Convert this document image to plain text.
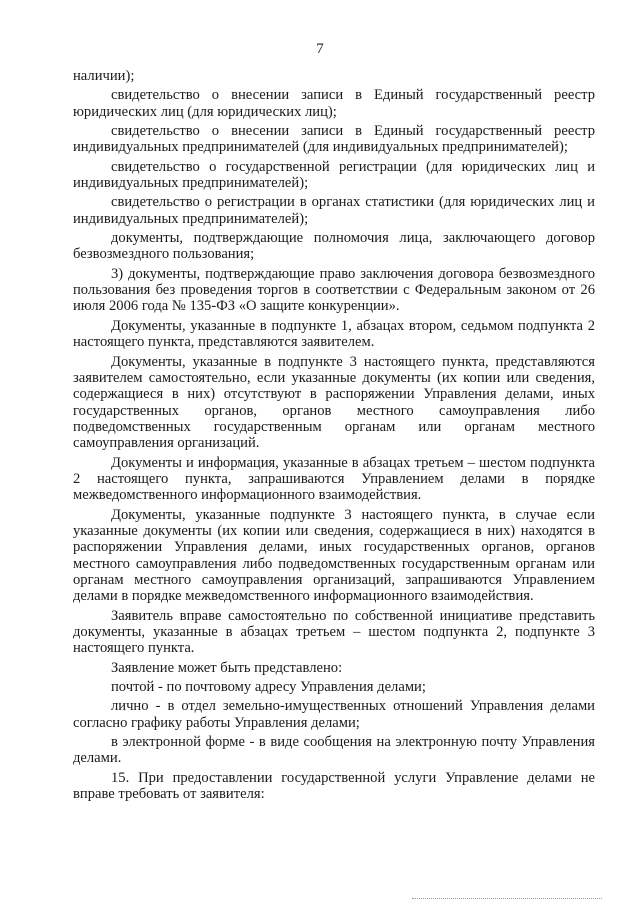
7

наличии);

свидетельство о внесении записи в Единый государственный реестр юридических лиц (для юридических лиц);

свидетельство о внесении записи в Единый государственный реестр индивидуальных предпринимателей (для индивидуальных предпринимателей);

свидетельство о государственной регистрации (для юридических лиц и индивидуальных предпринимателей);

свидетельство о регистрации в органах статистики (для юридических лиц и индивидуальных предпринимателей);

документы, подтверждающие полномочия лица, заключающего договор безвозмездного пользования;

3) документы, подтверждающие право заключения договора безвозмездного пользования без проведения торгов в соответствии с Федеральным законом от 26 июля 2006 года № 135-ФЗ «О защите конкуренции».

Документы, указанные в подпункте 1, абзацах втором, седьмом подпункта 2 настоящего пункта, представляются заявителем.

Документы, указанные в подпункте 3 настоящего пункта, представляются заявителем самостоятельно, если указанные документы (их копии или сведения, содержащиеся в них) отсутствуют в распоряжении Управления делами, иных государственных органов, органов местного самоуправления либо подведомственных государственным органам или органам местного самоуправления организаций.

Документы и информация, указанные в абзацах третьем – шестом подпункта 2 настоящего пункта, запрашиваются Управлением делами в порядке межведомственного информационного взаимодействия.

Документы, указанные подпункте 3 настоящего пункта, в случае если указанные документы (их копии или сведения, содержащиеся в них) находятся в распоряжении Управления делами, иных государственных органов, органов местного самоуправления либо подведомственных государственным органам или органам местного самоуправления организаций, запрашиваются Управлением делами в порядке межведомственного информационного взаимодействия.

Заявитель вправе самостоятельно по собственной инициативе представить документы, указанные в абзацах третьем – шестом подпункта 2, подпункте 3 настоящего пункта.

Заявление может быть представлено:

почтой - по почтовому адресу Управления делами;

лично - в отдел земельно-имущественных отношений Управления делами согласно графику работы Управления делами;

в электронной форме - в виде сообщения на электронную почту Управления делами.

15. При предоставлении государственной услуги Управление делами не вправе требовать от заявителя:
